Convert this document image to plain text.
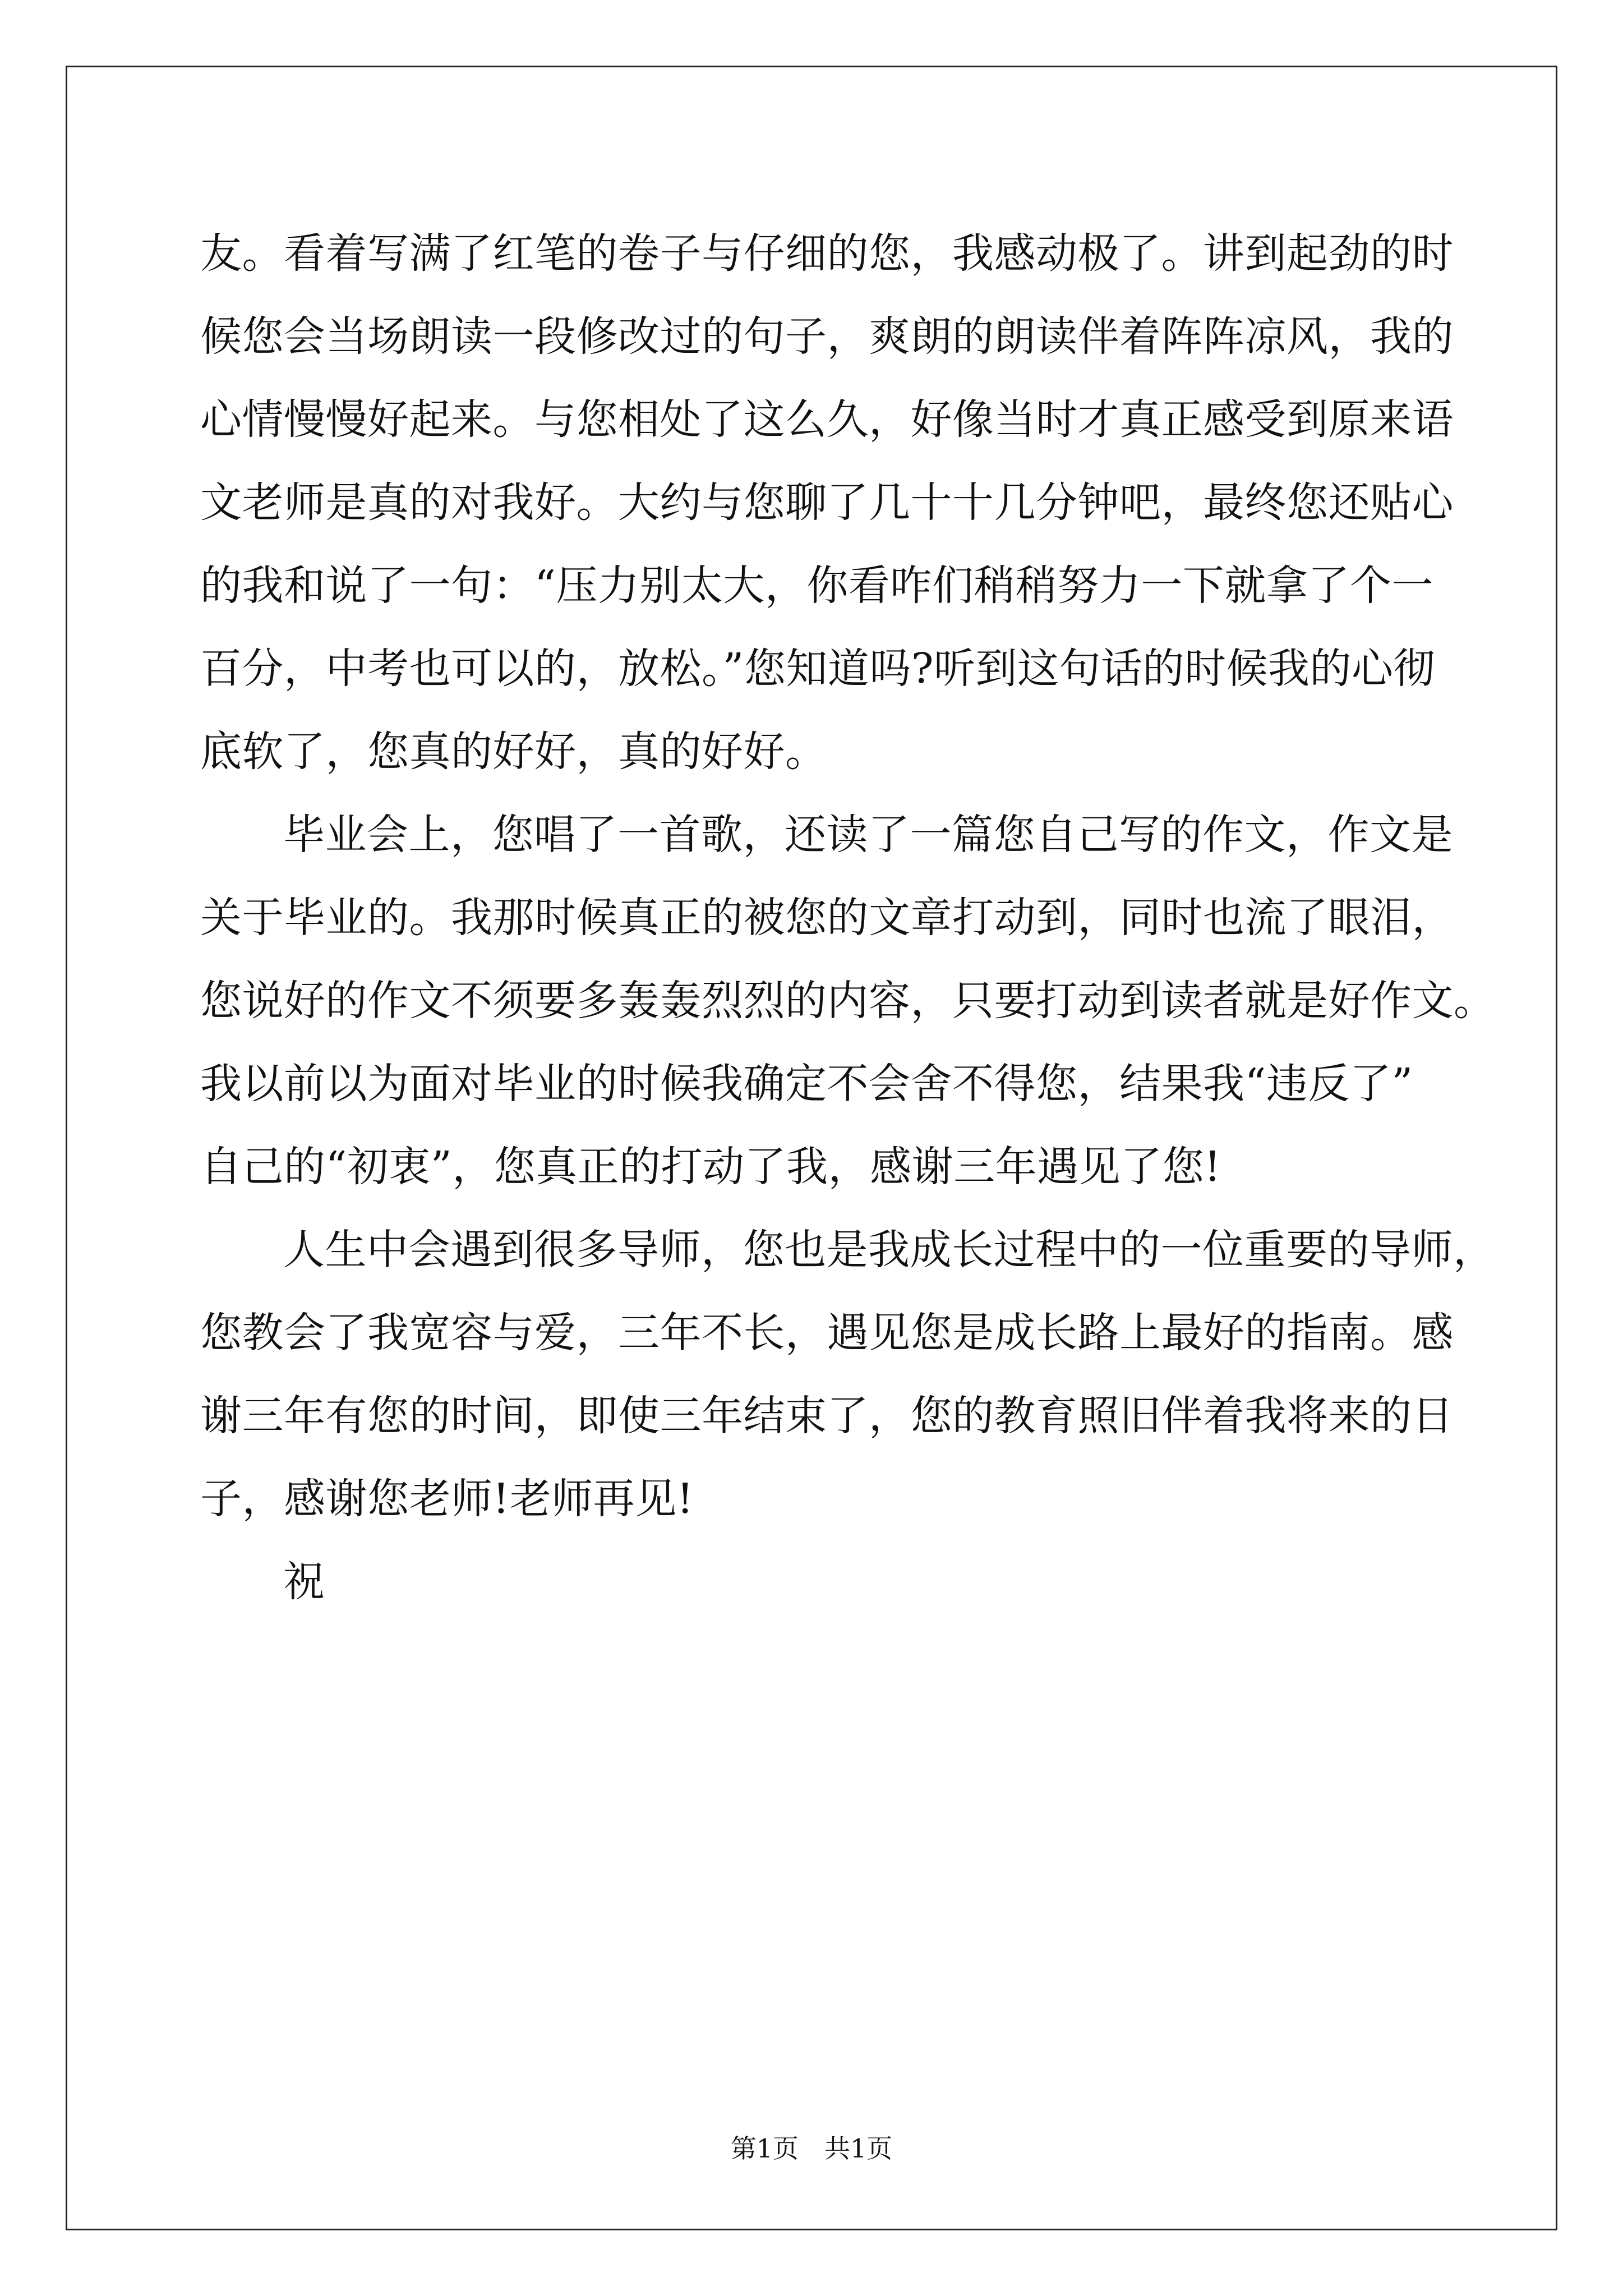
友。看着写满了红笔的卷子与仔细的您，我感动极了。讲到起劲的时
候您会当场朗读一段修改过的句子，爽朗的朗读伴着阵阵凉风，我的
心情慢慢好起来。与您相处了这么久，好像当时才真正感受到原来语
文老师是真的对我好。大约与您聊了几十十几分钟吧，最终您还贴心
的我和说了一句：“压力别太大，你看咋们稍稍努力一下就拿了个一
百分，中考也可以的，放松。”您知道吗?听到这句话的时候我的心彻
底软了，您真的好好，真的好好。
毕业会上，您唱了一首歌，还读了一篇您自己写的作文，作文是
关于毕业的。我那时候真正的被您的文章打动到，同时也流了眼泪，
您说好的作文不须要多轰轰烈烈的内容，只要打动到读者就是好作文。
我以前以为面对毕业的时候我确定不会舍不得您，结果我“违反了”
自己的“初衷”，您真正的打动了我，感谢三年遇见了您!
人生中会遇到很多导师，您也是我成长过程中的一位重要的导师，
您教会了我宽容与爱，三年不长，遇见您是成长路上最好的指南。感
谢三年有您的时间，即使三年结束了，您的教育照旧伴着我将来的日
子，感谢您老师!老师再见!
祝
第1页　共1页
